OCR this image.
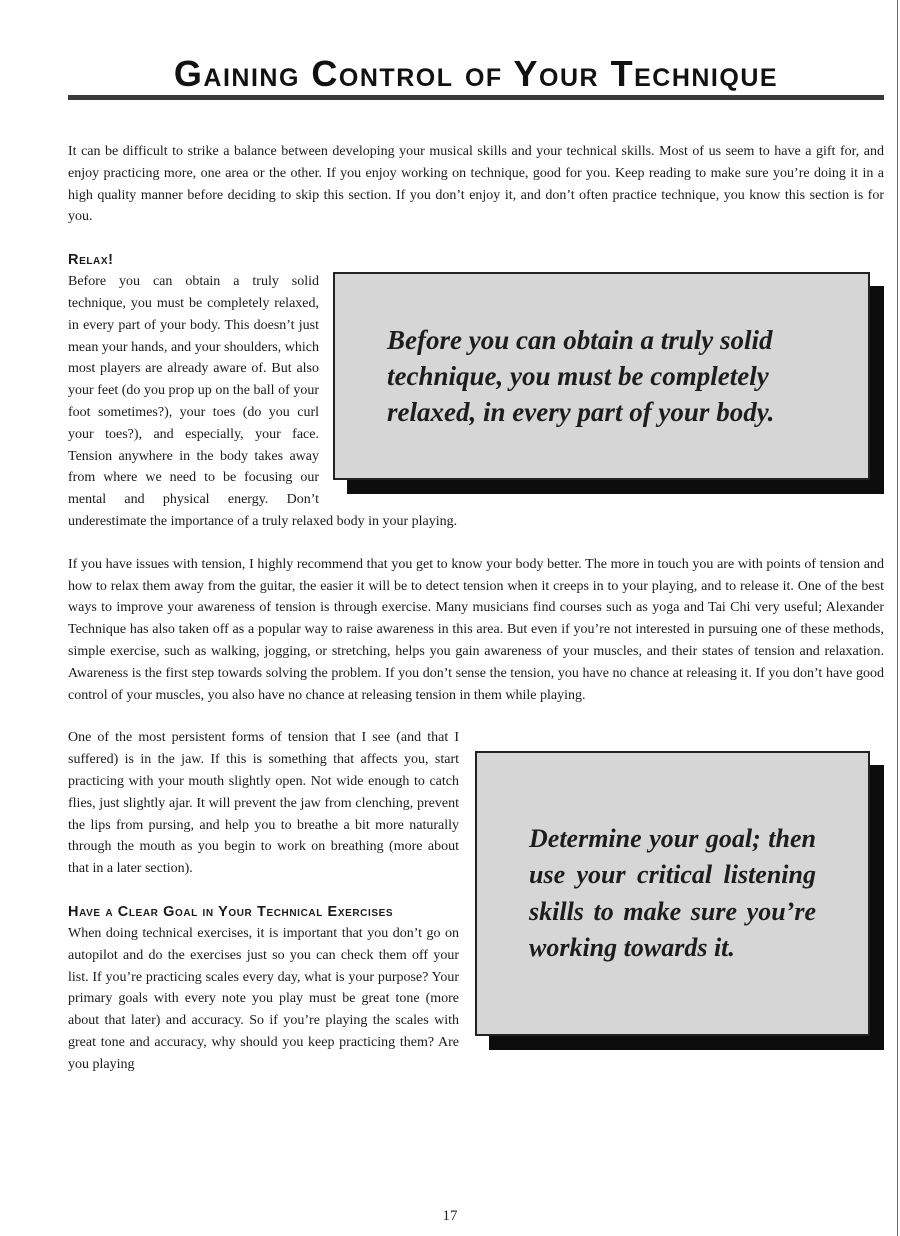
Gaining Control of Your Technique

It can be difficult to strike a balance between developing your musical skills and your technical skills. Most of us seem to have a gift for, and enjoy practicing more, one area or the other. If you enjoy working on technique, good for you. Keep reading to make sure you’re doing it in a high quality manner before deciding to skip this section. If you don’t enjoy it, and don’t often practice technique, you know this section is for you.

Relax!
Before you can obtain a truly solid technique, you must be completely relaxed, in every part of your body.

Before you can obtain a truly solid technique, you must be completely relaxed, in every part of your body. This doesn’t just mean your hands, and your shoulders, which most players are already aware of. But also your feet (do you prop up on the ball of your foot sometimes?), your toes (do you curl your toes?), and especially, your face. Tension anywhere in the body takes away from where we need to be focusing our mental and physical energy. Don’t underestimate the importance of a truly relaxed body in your playing.

If you have issues with tension, I highly recommend that you get to know your body better. The more in touch you are with points of tension and how to relax them away from the guitar, the easier it will be to detect tension when it creeps in to your playing, and to release it. One of the best ways to improve your awareness of tension is through exercise. Many musicians find courses such as yoga and Tai Chi very useful; Alexander Technique has also taken off as a popular way to raise awareness in this area. But even if you’re not interested in pursuing one of these methods, simple exercise, such as walking, jogging, or stretching, helps you gain awareness of your muscles, and their states of tension and relaxation. Awareness is the first step towards solving the problem. If you don’t sense the tension, you have no chance at releasing it. If you don’t have good control of your muscles, you also have no chance at releasing tension in them while playing.

Determine your goal; then use your critical listening skills to make sure you’re working towards it.

One of the most persistent forms of tension that I see (and that I suffered) is in the jaw. If this is something that affects you, start practicing with your mouth slightly open. Not wide enough to catch flies, just slightly ajar. It will prevent the jaw from clenching, prevent the lips from pursing, and help you to breathe a bit more naturally through the mouth as you begin to work on breathing (more about that in a later section).

Have a Clear Goal in Your Technical Exercises

When doing technical exercises, it is important that you don’t go on autopilot and do the exercises just so you can check them off your list. If you’re practicing scales every day, what is your purpose? Your primary goals with every note you play must be great tone (more about that later) and accuracy. So if you’re playing the scales with great tone and accuracy, why should you keep practicing them? Are you playing

17
